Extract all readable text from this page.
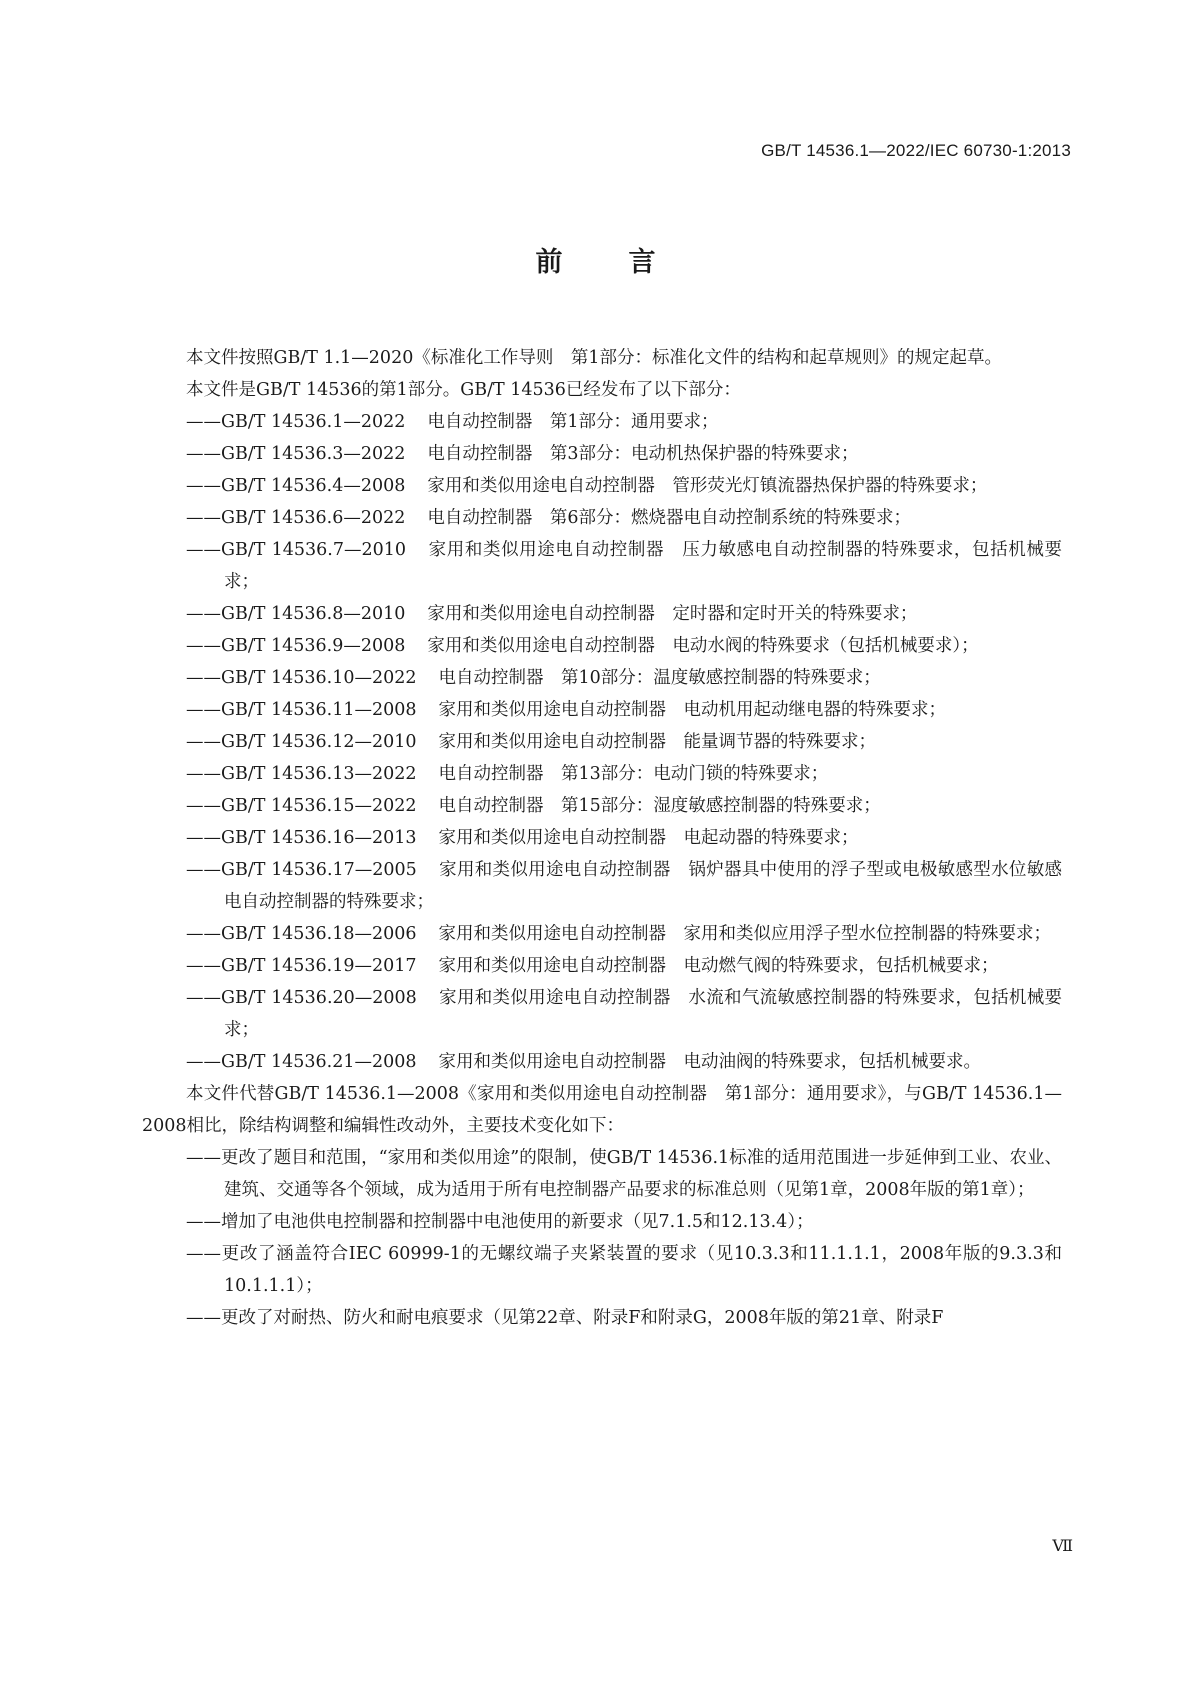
GB/T 14536.1—2022/IEC 60730-1:2013
前言

本文件按照GB/T 1.1—2020《标准化工作导则　第1部分：标准化文件的结构和起草规则》的规定起草。

本文件是GB/T 14536的第1部分。GB/T 14536已经发布了以下部分：

——GB/T 14536.1—2022 电自动控制器　第1部分：通用要求；

——GB/T 14536.3—2022 电自动控制器　第3部分：电动机热保护器的特殊要求；

——GB/T 14536.4—2008 家用和类似用途电自动控制器　管形荧光灯镇流器热保护器的特殊要求；

——GB/T 14536.6—2022 电自动控制器　第6部分：燃烧器电自动控制系统的特殊要求；

——GB/T 14536.7—2010 家用和类似用途电自动控制器　压力敏感电自动控制器的特殊要求，包括机械要求；

——GB/T 14536.8—2010 家用和类似用途电自动控制器　定时器和定时开关的特殊要求；

——GB/T 14536.9—2008 家用和类似用途电自动控制器　电动水阀的特殊要求（包括机械要求）；

——GB/T 14536.10—2022 电自动控制器　第10部分：温度敏感控制器的特殊要求；

——GB/T 14536.11—2008 家用和类似用途电自动控制器　电动机用起动继电器的特殊要求；

——GB/T 14536.12—2010 家用和类似用途电自动控制器　能量调节器的特殊要求；

——GB/T 14536.13—2022 电自动控制器　第13部分：电动门锁的特殊要求；

——GB/T 14536.15—2022 电自动控制器　第15部分：湿度敏感控制器的特殊要求；

——GB/T 14536.16—2013 家用和类似用途电自动控制器　电起动器的特殊要求；

——GB/T 14536.17—2005 家用和类似用途电自动控制器　锅炉器具中使用的浮子型或电极敏感型水位敏感电自动控制器的特殊要求；

——GB/T 14536.18—2006 家用和类似用途电自动控制器　家用和类似应用浮子型水位控制器的特殊要求；

——GB/T 14536.19—2017 家用和类似用途电自动控制器　电动燃气阀的特殊要求，包括机械要求；

——GB/T 14536.20—2008 家用和类似用途电自动控制器　水流和气流敏感控制器的特殊要求，包括机械要求；

——GB/T 14536.21—2008 家用和类似用途电自动控制器　电动油阀的特殊要求，包括机械要求。

本文件代替GB/T 14536.1—2008《家用和类似用途电自动控制器　第1部分：通用要求》，与GB/T 14536.1—2008相比，除结构调整和编辑性改动外，主要技术变化如下：

——更改了题目和范围，“家用和类似用途”的限制，使GB/T 14536.1标准的适用范围进一步延伸到工业、农业、建筑、交通等各个领域，成为适用于所有电控制器产品要求的标准总则（见第1章，2008年版的第1章）；

——增加了电池供电控制器和控制器中电池使用的新要求（见7.1.5和12.13.4）；

——更改了涵盖符合IEC 60999-1的无螺纹端子夹紧装置的要求（见10.3.3和11.1.1.1，2008年版的9.3.3和10.1.1.1）；

——更改了对耐热、防火和耐电痕要求（见第22章、附录F和附录G，2008年版的第21章、附录F

Ⅶ
